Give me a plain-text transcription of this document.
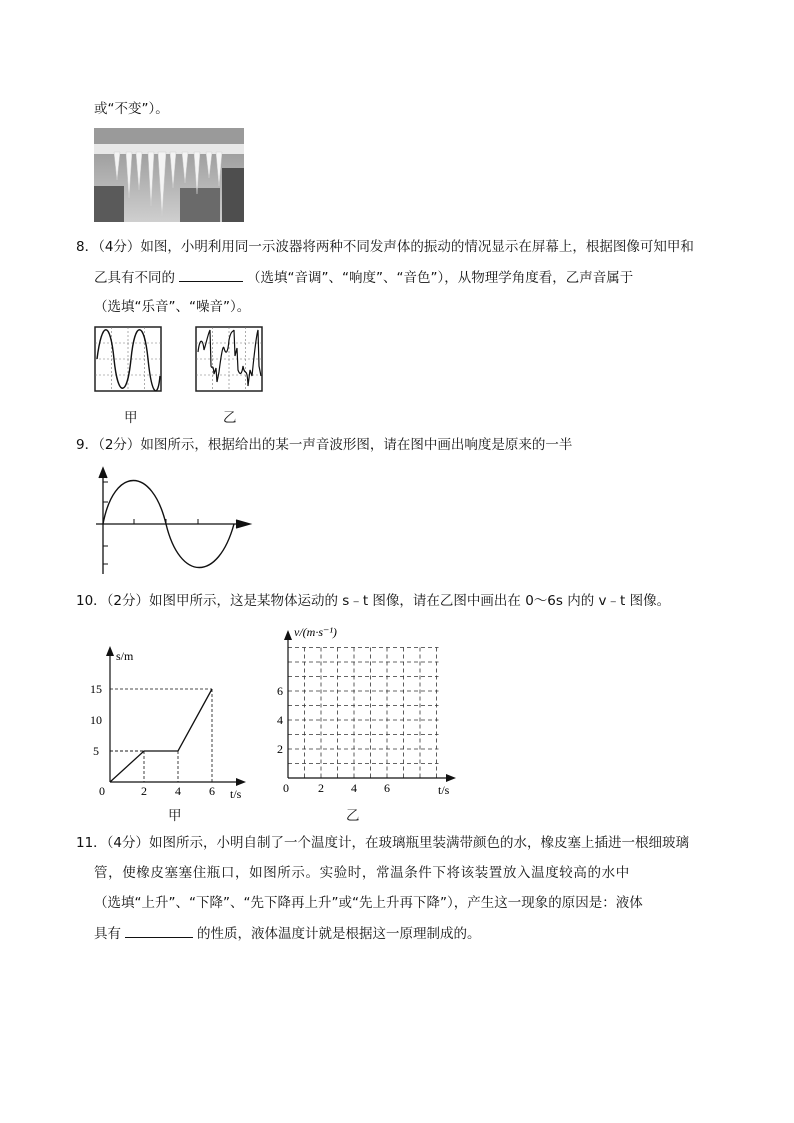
或“不变”）。
8．（4分）如图，小明利用同一示波器将两种不同发声体的振动的情况显示在屏幕上，根据图像可知甲和
乙具有不同的	（选填“音调”、“响度”、“音色”），从物理学角度看，乙声音属于
（选填“乐音”、“噪音”）。
甲	乙
9．（2分）如图所示，根据给出的某一声音波形图，请在图中画出响度是原来的一半
10．（2分）如图甲所示，这是某物体运动的 s﹣t 图像，请在乙图中画出在 0～6s 内的 v﹣t 图像。
5
10
15
0	2 4 6
s/m
t/s
甲
2
4
6
0 2 4 6
v/(m·s⁻¹)
t/s
乙
11．（4分）如图所示，小明自制了一个温度计，在玻璃瓶里装满带颜色的水，橡皮塞上插进一根细玻璃
管，使橡皮塞塞住瓶口，如图所示。实验时，常温条件下将该装置放入温度较高的水中
（选填“上升”、“下降”、“先下降再上升”或“先上升再下降”），产生这一现象的原因是：液体
具有	的性质，液体温度计就是根据这一原理制成的。
